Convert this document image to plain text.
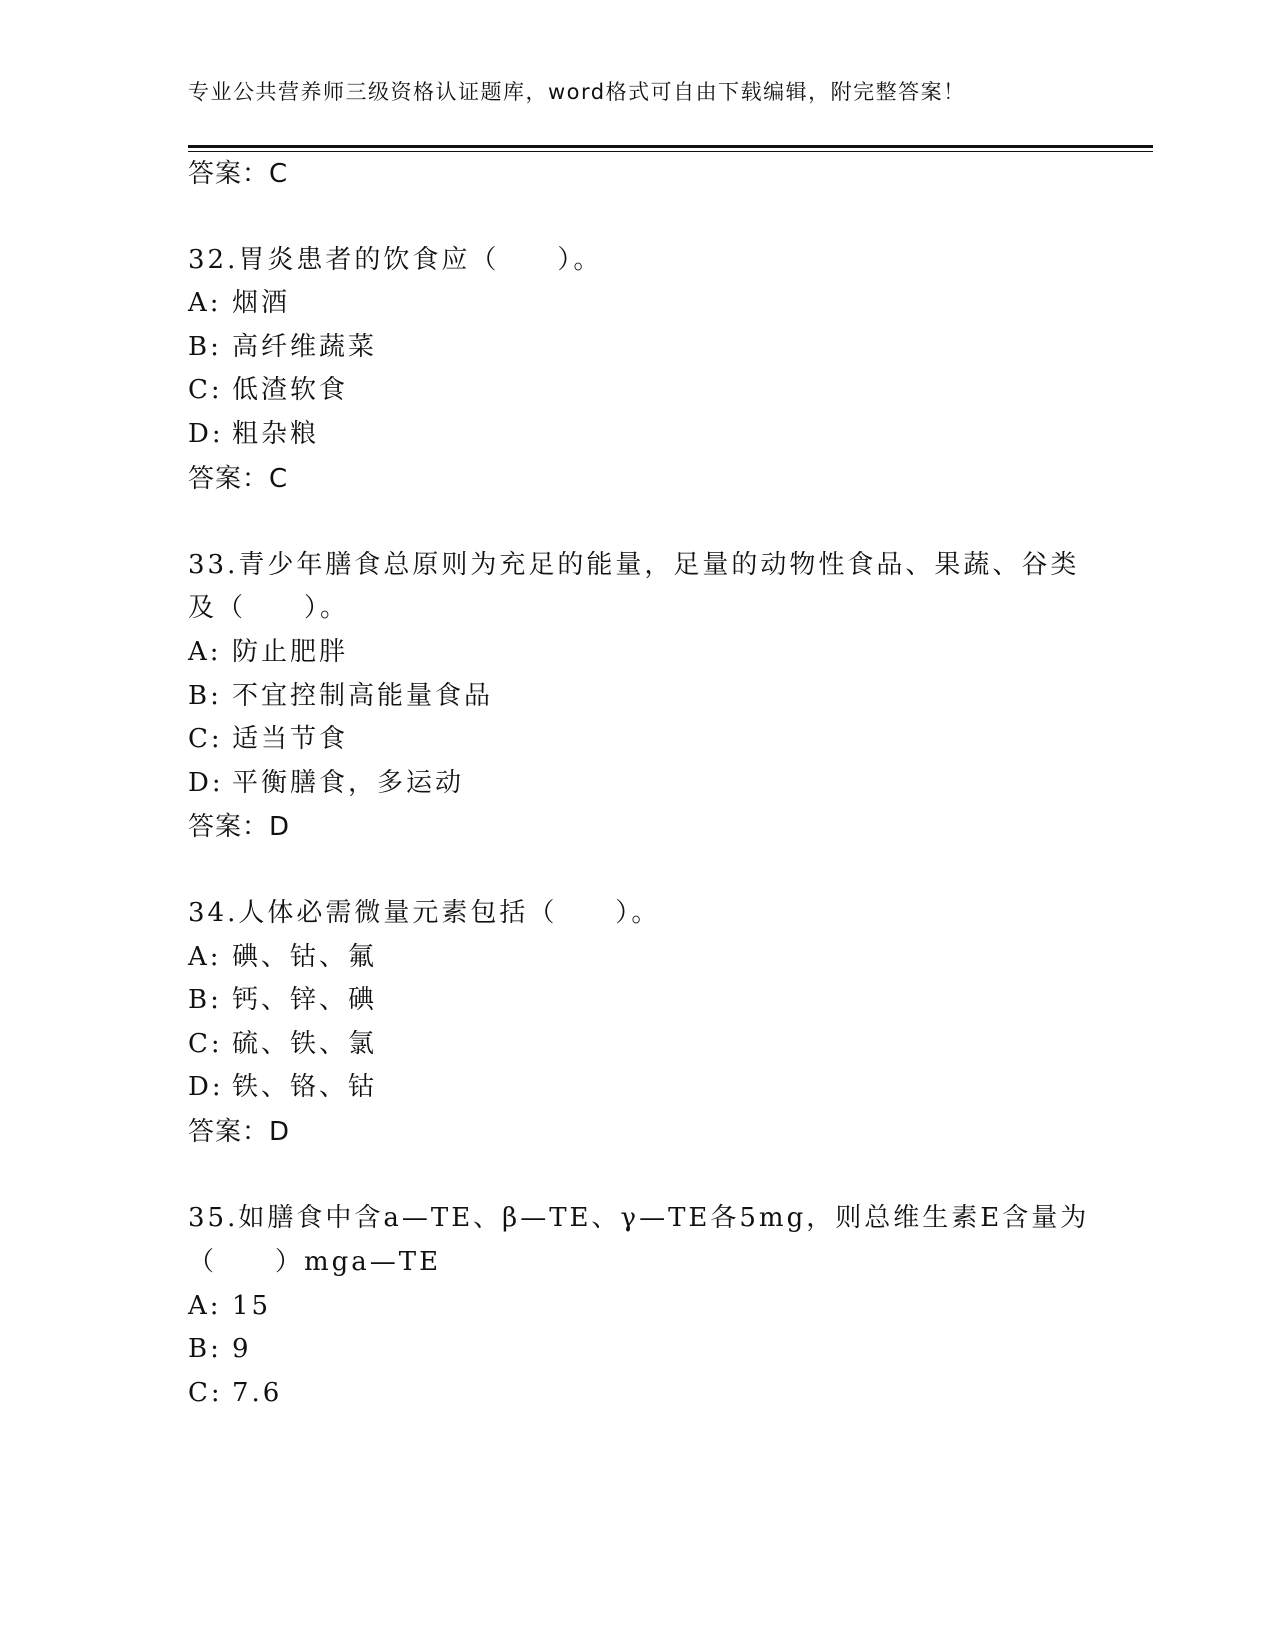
专业公共营养师三级资格认证题库，word格式可自由下载编辑，附完整答案！
答案：C
32.胃炎患者的饮食应（　　）。
A: 烟酒
B: 高纤维蔬菜
C: 低渣软食
D: 粗杂粮
答案：C
33.青少年膳食总原则为充足的能量，足量的动物性食品、果蔬、谷类
及（　　）。
A: 防止肥胖
B: 不宜控制高能量食品
C: 适当节食
D: 平衡膳食，多运动
答案：D
34.人体必需微量元素包括（　　）。
A: 碘、钴、氟
B: 钙、锌、碘
C: 硫、铁、氯
D: 铁、铬、钴
答案：D
35.如膳食中含a—TE、β—TE、γ—TE各5mg，则总维生素E含量为
（　　）mga—TE
A: 15
B: 9
C: 7.6
